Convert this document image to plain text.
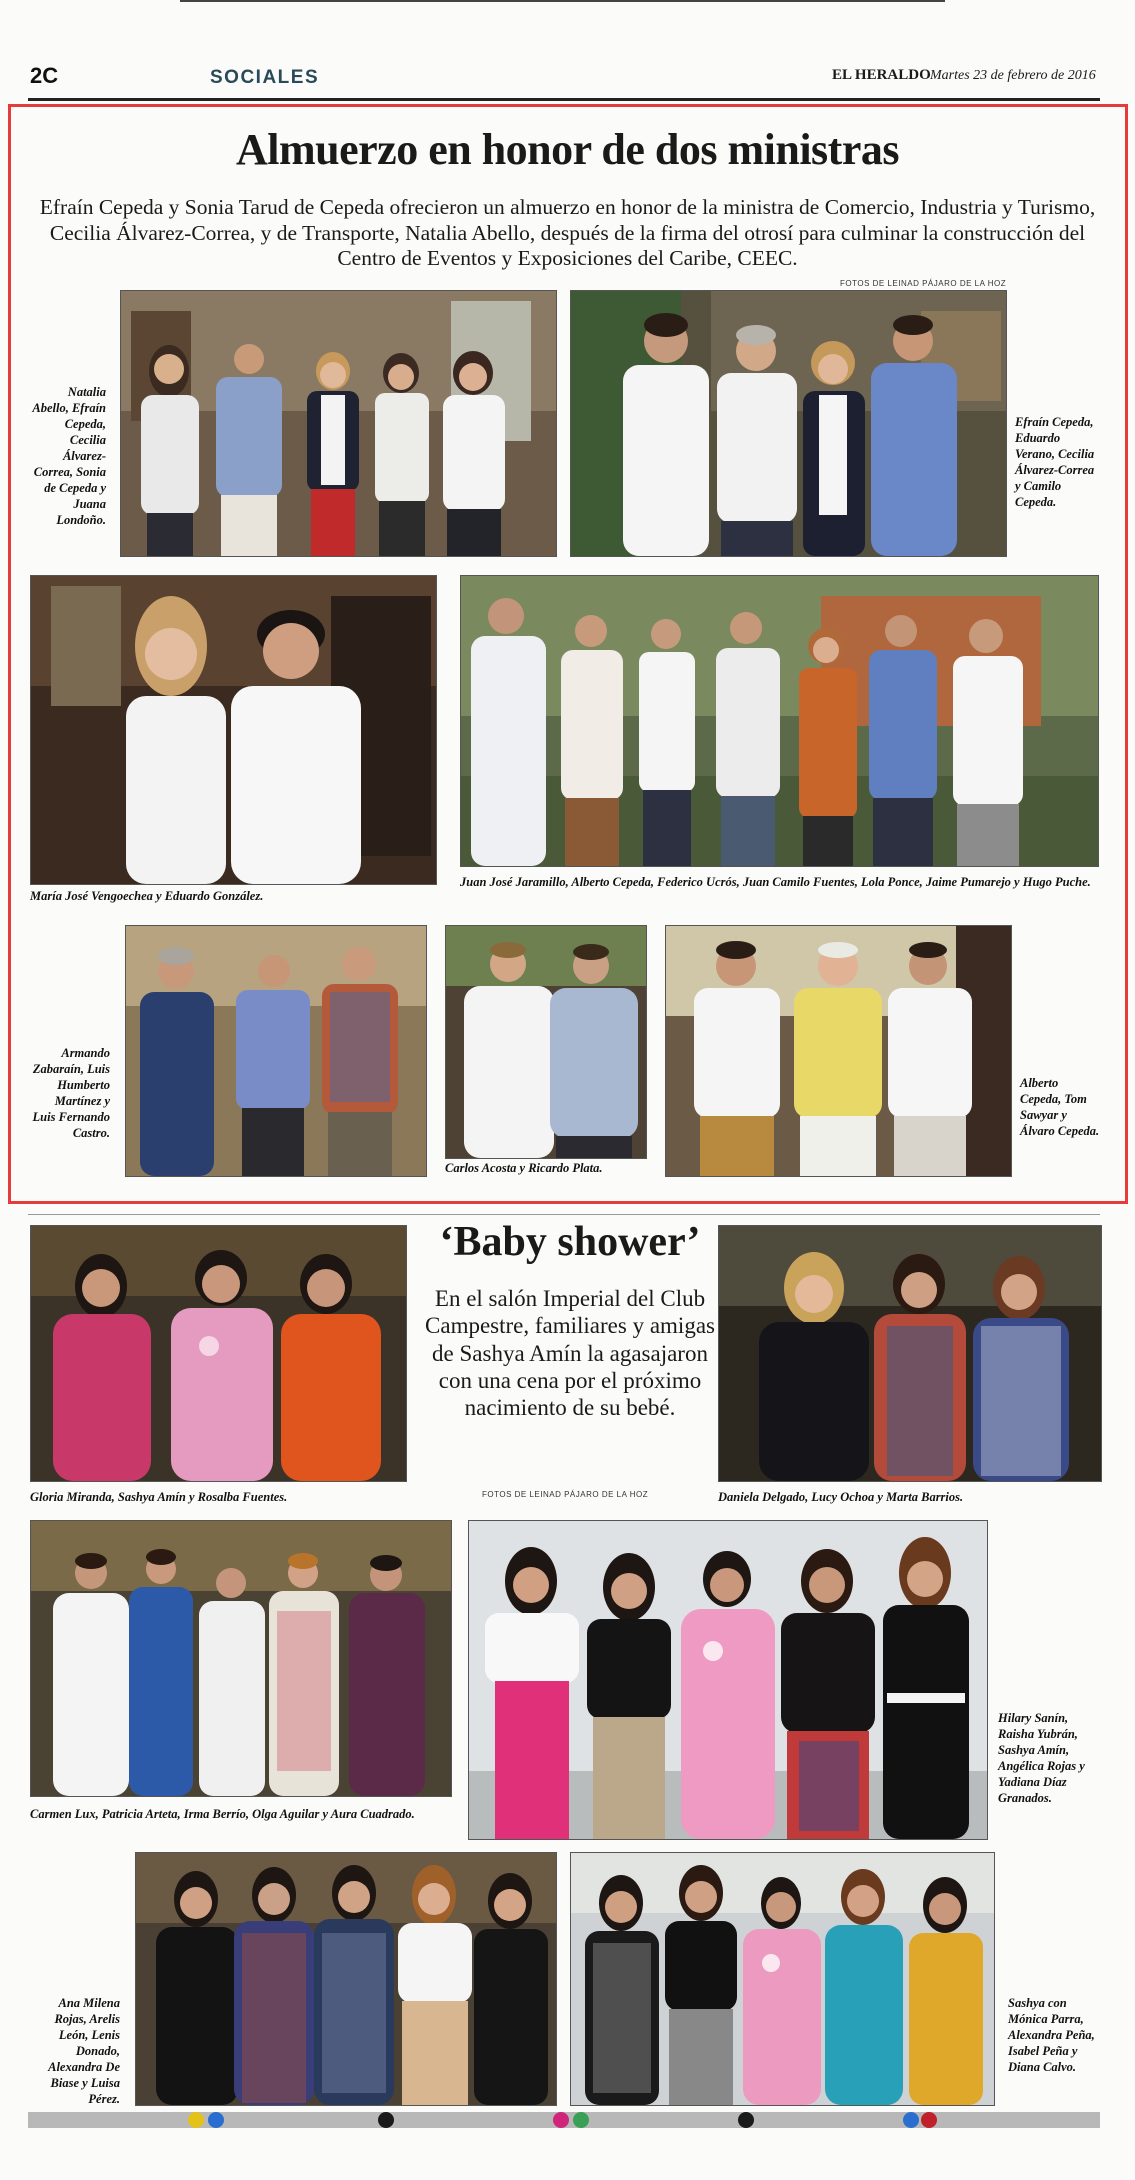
2C	SOCIALES	EL HERALDO Martes 23 de febrero de 2016
Almuerzo en honor de dos ministras
Efraín Cepeda y Sonia Tarud de Cepeda ofrecieron un almuerzo en honor de la ministra de Comercio, Industria y Turismo, Cecilia Álvarez-Correa, y de Transporte, Natalia Abello, después de la firma del otrosí para culminar la construcción del Centro de Eventos y Exposiciones del Caribe, CEEC.
FOTOS DE LEINAD PÁJARO DE LA HOZ
Natalia Abello, Efraín Cepeda, Cecilia Álvarez-Correa, Sonia de Cepeda y Juana Londoño.
Efraín Cepeda, Eduardo Verano, Cecilia Álvarez-Correa y Camilo Cepeda.
María José Vengoechea y Eduardo González.
Juan José Jaramillo, Alberto Cepeda, Federico Ucrós, Juan Camilo Fuentes, Lola Ponce, Jaime Pumarejo y Hugo Puche.
Armando Zabaraín, Luis Humberto Martínez y Luis Fernando Castro.
Carlos Acosta y Ricardo Plata.
Alberto Cepeda, Tom Sawyar y Álvaro Cepeda.
‘Baby shower’
En el salón Imperial del Club Campestre, familiares y amigas de Sashya Amín la agasajaron con una cena por el próximo nacimiento de su bebé.
FOTOS DE LEINAD PÁJARO DE LA HOZ
Gloria Miranda, Sashya Amín y Rosalba Fuentes.	Daniela Delgado, Lucy Ochoa y Marta Barrios.
Carmen Lux, Patricia Arteta, Irma Berrío, Olga Aguilar y Aura Cuadrado.
Hilary Sanín, Raisha Yubrán, Sashya Amín, Angélica Rojas y Yadiana Díaz Granados.
Ana Milena Rojas, Arelis León, Lenis Donado, Alexandra De Biase y Luisa Pérez.
Sashya con Mónica Parra, Alexandra Peña, Isabel Peña y Diana Calvo.
